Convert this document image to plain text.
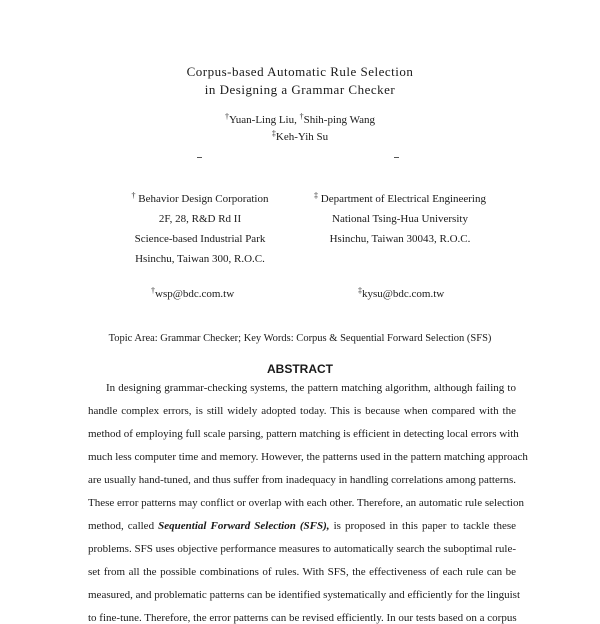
Corpus-based Automatic Rule Selection
in Designing a Grammar Checker
†Yuan-Ling Liu, †Shih-ping Wang
‡Keh-Yih Su
† Behavior Design Corporation
2F, 28, R&D Rd II
Science-based Industrial Park
Hsinchu, Taiwan 300, R.O.C.
‡ Department of Electrical Engineering
National Tsing-Hua University
Hsinchu, Taiwan 30043, R.O.C.
†wsp@bdc.com.tw	‡kysu@bdc.com.tw
Topic Area: Grammar Checker; Key Words: Corpus & Sequential Forward Selection (SFS)
ABSTRACT
In designing grammar-checking systems, the pattern matching algorithm, although failing to
handle complex errors, is still widely adopted today. This is because when compared with the
method of employing full scale parsing, pattern matching is efficient in detecting local errors with
much less computer time and memory. However, the patterns used in the pattern matching approach
are usually hand-tuned, and thus suffer from inadequacy in handling correlations among patterns.
These error patterns may conflict or overlap with each other. Therefore, an automatic rule selection
method, called Sequential Forward Selection (SFS), is proposed in this paper to tackle these
problems. SFS uses objective performance measures to automatically search the suboptimal rule-
set from all the possible combinations of rules. With SFS, the effectiveness of each rule can be
measured, and problematic patterns can be identified systematically and efficiently for the linguist
to fine-tune. Therefore, the error patterns can be revised efficiently. In our tests based on a corpus
